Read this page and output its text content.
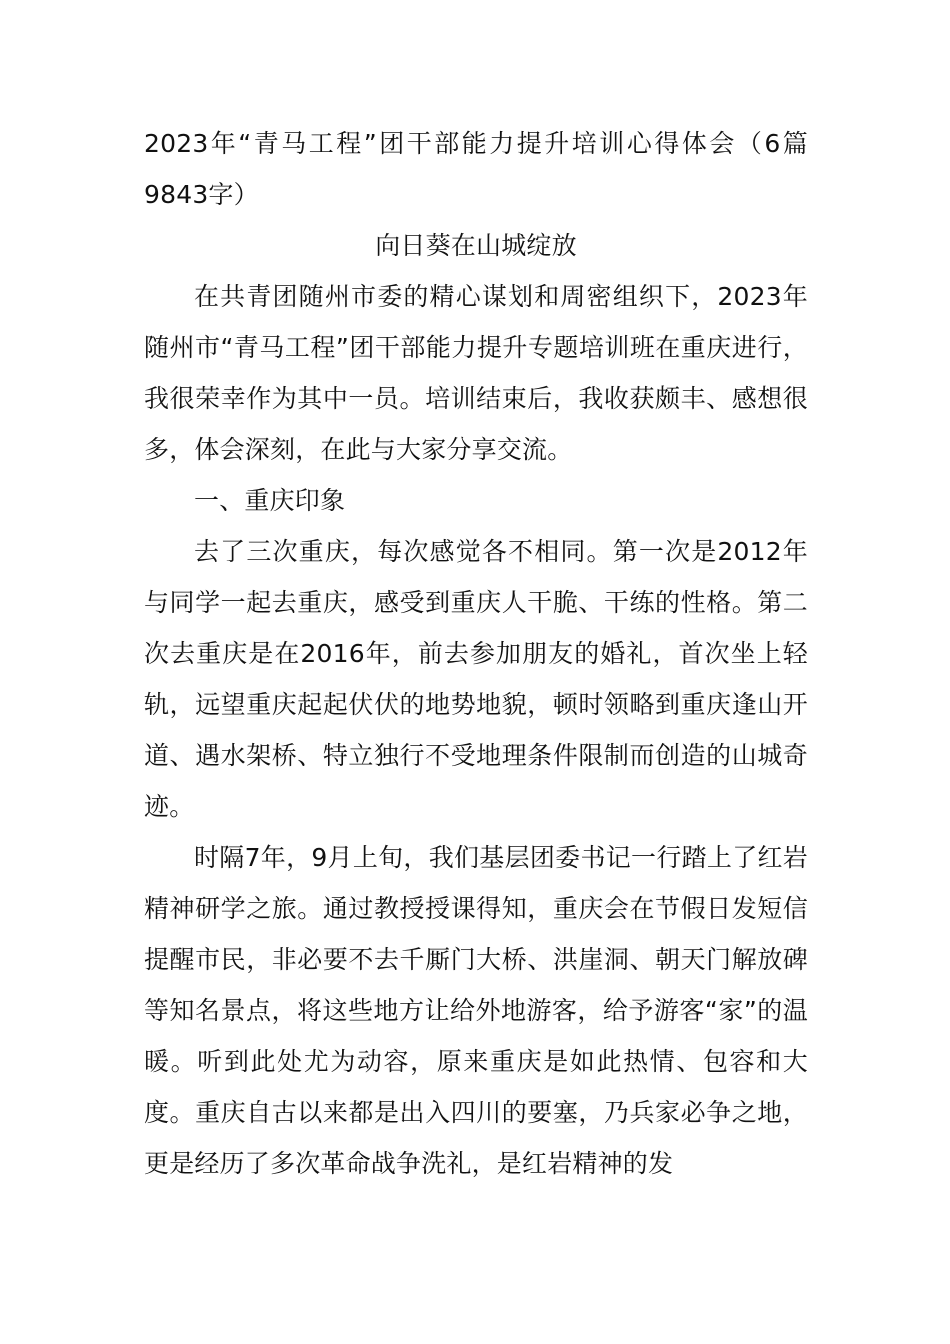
2023年“青马工程”团干部能力提升培训心得体会（6篇9843字）

向日葵在山城绽放

在共青团随州市委的精心谋划和周密组织下，2023年随州市“青马工程”团干部能力提升专题培训班在重庆进行，我很荣幸作为其中一员。培训结束后，我收获颇丰、感想很多，体会深刻，在此与大家分享交流。

一、重庆印象

去了三次重庆，每次感觉各不相同。第一次是2012年与同学一起去重庆，感受到重庆人干脆、干练的性格。第二次去重庆是在2016年，前去参加朋友的婚礼，首次坐上轻轨，远望重庆起起伏伏的地势地貌，顿时领略到重庆逢山开道、遇水架桥、特立独行不受地理条件限制而创造的山城奇迹。

时隔7年，9月上旬，我们基层团委书记一行踏上了红岩精神研学之旅。通过教授授课得知，重庆会在节假日发短信提醒市民，非必要不去千厮门大桥、洪崖洞、朝天门解放碑等知名景点，将这些地方让给外地游客，给予游客“家”的温暖。听到此处尤为动容，原来重庆是如此热情、包容和大度。重庆自古以来都是出入四川的要塞，乃兵家必争之地，更是经历了多次革命战争洗礼，是红岩精神的发
